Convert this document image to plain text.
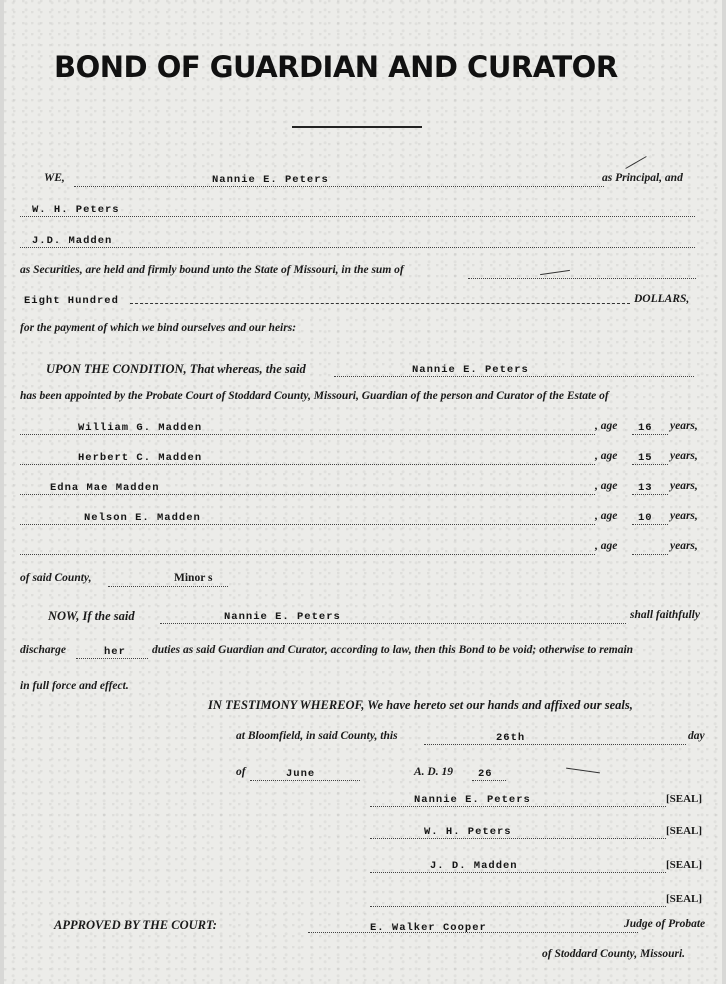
BOND OF GUARDIAN AND CURATOR
WE,	Nannie E. Peters	as Principal, and
W. H. Peters
J.D. Madden
as Securities, are held and firmly bound unto the State of Missouri, in the sum of
Eight Hundred	DOLLARS,
for the payment of which we bind ourselves and our heirs:
UPON THE CONDITION, That whereas, the said	Nannie E. Peters
has been appointed by the Probate Court of Stoddard County, Missouri, Guardian of the person and Curator of the Estate of
William G. Madden	, age 16 years,
Herbert C. Madden	, age 15 years,
Edna Mae Madden	, age 13 years,
Nelson E. Madden	, age 10 years,
, age	years,
of said County,	Minor s
NOW, If the said	Nannie E. Peters	shall faithfully
discharge	her duties as said Guardian and Curator, according to law, then this Bond to be void; otherwise to remain
in full force and effect.
IN TESTIMONY WHEREOF, We have hereto set our hands and affixed our seals,
at Bloomfield, in said County, this	26th	day
of	June	A. D. 19 26
Nannie E. Peters	[SEAL]
W. H. Peters	[SEAL]
J. D. Madden	[SEAL]
[SEAL]
APPROVED BY THE COURT:	E. Walker Cooper	Judge of Probate
of Stoddard County, Missouri.
